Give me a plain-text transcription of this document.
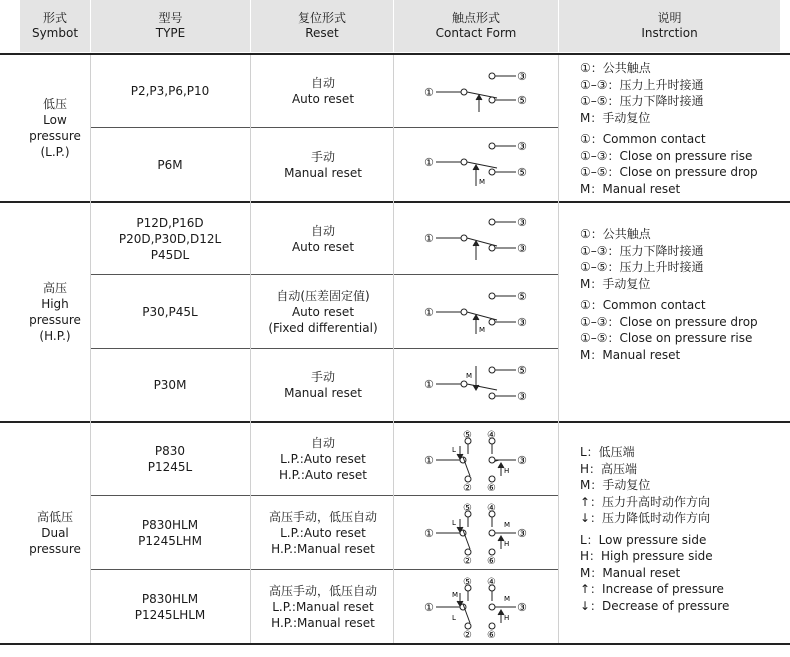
形式
Symbot
型号
TYPE
复位形式
Reset
触点形式
Contact Form
说明
Instrction
低压
Low
pressure
(L.P.)
P2,P3,P6,P10
自动
Auto reset
P6M
手动
Manual reset
①：公共触点
①–③：压力上升时接通
①–⑤：压力下降时接通
M：手动复位
①：Common contact
①–③：Close on pressure rise
①–⑤：Close on pressure drop
M：Manual reset
高压
High
pressure
(H.P.)
P12D,P16D
P20D,P30D,D12L
P45DL
自动
Auto reset
P30,P45L
自动(压差固定值)
Auto reset
(Fixed differential)
P30M
手动
Manual reset
①：公共触点
①–③：压力下降时接通
①–⑤：压力上升时接通
M：手动复位
①：Common contact
①–③：Close on pressure drop
①–⑤：Close on pressure rise
M：Manual reset
高低压
Dual
pressure
P830
P1245L
自动
L.P.:Auto reset
H.P.:Auto reset
P830HLM
P1245LHM
高压手动，低压自动
L.P.:Auto reset
H.P.:Manual reset
P830HLM
P1245LHLM
高压手动，低压自动
L.P.:Manual reset
H.P.:Manual reset
L：低压端
H：高压端
M：手动复位
↑：压力升高时动作方向
↓：压力降低时动作方向
L：Low pressure side
H：High pressure side
M：Manual reset
↑：Increase of pressure
↓：Decrease of pressure
①
③
⑤
①
③
⑤
M
①
③
③
①
⑤
③
M
①
⑤
③
M
①
⑤ ④
③
② ⑥
L
H
①
⑤ ④
③
② ⑥
L	M
H
①
⑤ ④
③
② ⑥
M
L
M
H
